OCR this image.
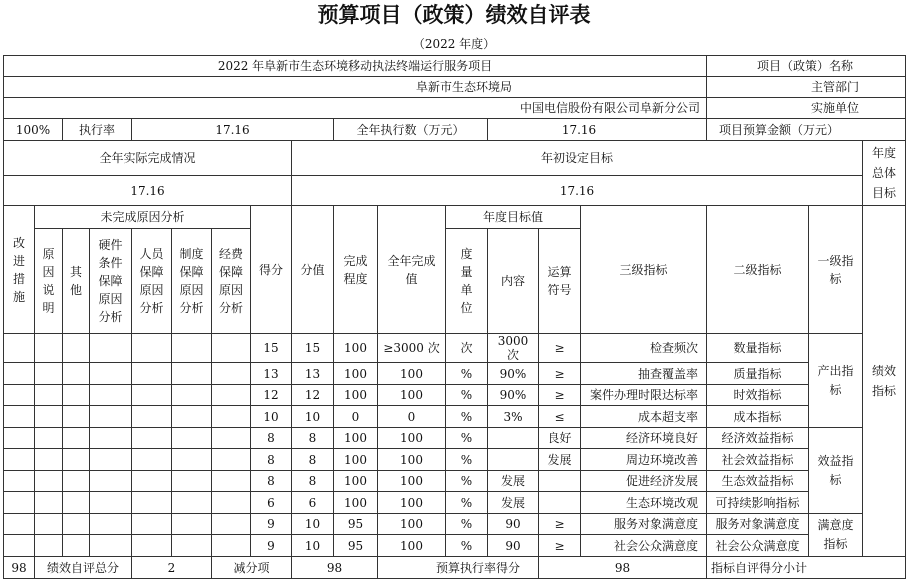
预算项目（政策）绩效自评表
（2022 年度）
2022 年阜新市生态环境移动执法终端运行服务项目															项目（政策）名称		
阜新市生态环境局															主管部门		
中国电信股份有限公司阜新分公司															实施单位		
100%		执行率		17.16					全年执行数（万元）			17.16			项目预算金额（万元）		
全年实际完成情况								年初设定目标									年度总体目标
17.16								17.16									
改进措施	未完成原因分析						得分	分值	完成程度	全年完成值	年度目标值			三级指标	二级指标	一级指标	绩效指标
	原因说明	其他	硬件条件保障原因分析	人员保障原因分析	制度保障原因分析	经费保障原因分析					度量单位	内容	运算符号				
							15	15	100	≥3000 次	次	3000 次	≥	检查频次	数量指标	产出指标	
							13	13	100	100	%	90%	≥	抽查覆盖率	质量指标		
							12	12	100	100	%	90%	≥	案件办理时限达标率	时效指标		
							10	10	0	0	%	3%	≤	成本超支率	成本指标		
							8	8	100	100	%		良好	经济环境良好	经济效益指标	效益指标	
							8	8	100	100	%		发展	周边环境改善	社会效益指标		
							8	8	100	100	%	发展		促进经济发展	生态效益指标		
							6	6	100	100	%	发展		生态环境改观	可持续影响指标		
							9	10	95	100	%	90	≥	服务对象满意度	服务对象满意度	满意度指标	
							9	10	95	100	%	90	≥	社会公众满意度	社会公众满意度		
98	绩效自评总分			2		减分项		98		预算执行率得分			98		指标自评得分小计		
